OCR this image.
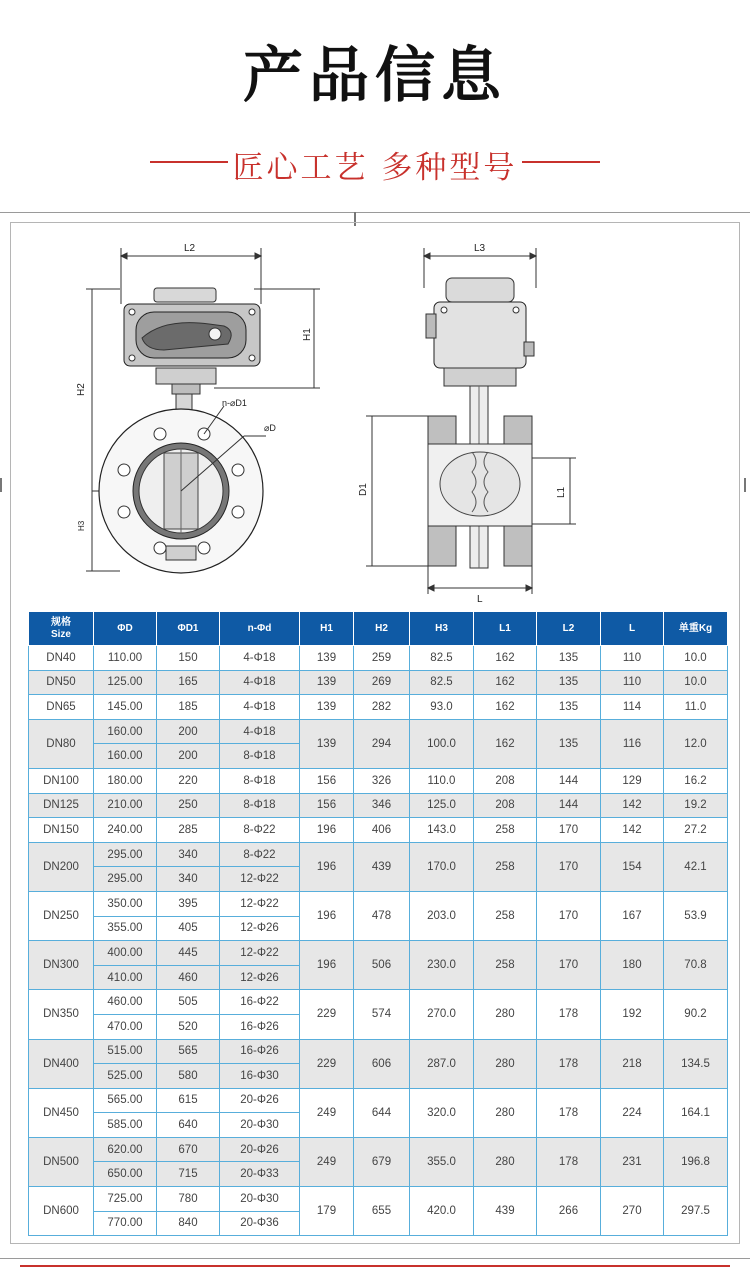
产品信息
匠心工艺 多种型号
L2
H2
H3
H1
n-⌀D1
⌀D
L3
D1	L1
L
规格
Size	ΦD	ΦD1	n-Φd	H1	H2	H3	L1	L2	L	单重Kg
DN40	110.00	150	4-Φ18	139	259	82.5	162	135	110	10.0
DN50	125.00	165	4-Φ18	139	269	82.5	162	135	110	10.0
DN65	145.00	185	4-Φ18	139	282	93.0	162	135	114	11.0
DN80	160.00	200	4-Φ18	139	294	100.0	162	135	116	12.0
	160.00	200	8-Φ18							
DN100	180.00	220	8-Φ18	156	326	110.0	208	144	129	16.2
DN125	210.00	250	8-Φ18	156	346	125.0	208	144	142	19.2
DN150	240.00	285	8-Φ22	196	406	143.0	258	170	142	27.2
DN200	295.00	340	8-Φ22	196	439	170.0	258	170	154	42.1
	295.00	340	12-Φ22							
DN250	350.00	395	12-Φ22	196	478	203.0	258	170	167	53.9
	355.00	405	12-Φ26							
DN300	400.00	445	12-Φ22	196	506	230.0	258	170	180	70.8
	410.00	460	12-Φ26							
DN350	460.00	505	16-Φ22	229	574	270.0	280	178	192	90.2
	470.00	520	16-Φ26							
DN400	515.00	565	16-Φ26	229	606	287.0	280	178	218	134.5
	525.00	580	16-Φ30							
DN450	565.00	615	20-Φ26	249	644	320.0	280	178	224	164.1
	585.00	640	20-Φ30							
DN500	620.00	670	20-Φ26	249	679	355.0	280	178	231	196.8
	650.00	715	20-Φ33							
DN600	725.00	780	20-Φ30	179	655	420.0	439	266	270	297.5
	770.00	840	20-Φ36							
